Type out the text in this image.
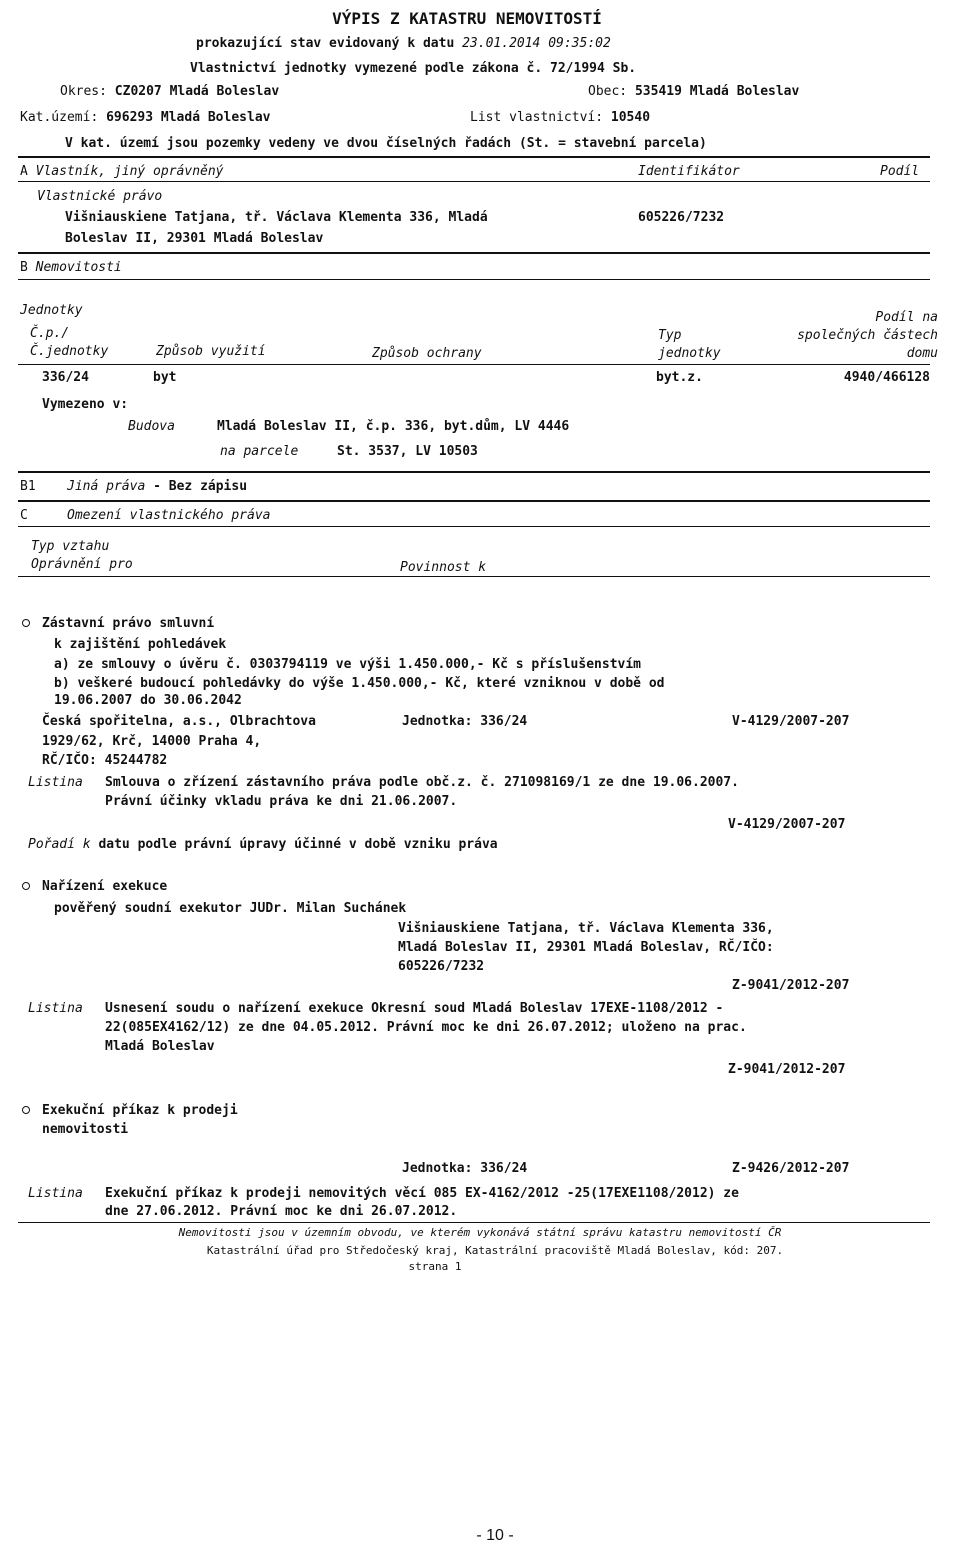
VÝPIS Z KATASTRU NEMOVITOSTÍ
prokazující stav evidovaný k datu 23.01.2014 09:35:02
Vlastnictví jednotky vymezené podle zákona č. 72/1994 Sb.
Okres: CZ0207 Mladá Boleslav	Obec: 535419 Mladá Boleslav
Kat.území: 696293 Mladá Boleslav	List vlastnictví: 10540
V kat. území jsou pozemky vedeny ve dvou číselných řadách (St. = stavební parcela)
A Vlastník, jiný oprávněný	Identifikátor	Podíl
Vlastnické právo
Višniauskiene Tatjana, tř. Václava Klementa 336, Mladá
Boleslav II, 29301 Mladá Boleslav
605226/7232
B Nemovitosti
Jednotky
Č.p./
Č.jednotky	Způsob využití	Způsob ochrany
Typ
jednotky
Podíl na
společných částech
domu
336/24	byt	byt.z.	4940/466128
Vymezeno v:
Budova	Mladá Boleslav II, č.p. 336, byt.dům, LV 4446
na parcele	St. 3537, LV 10503
B1 Jiná práva - Bez zápisu
C	Omezení vlastnického práva
Typ vztahu
Oprávnění pro	Povinnost k
Zástavní právo smluvní
k zajištění pohledávek
a) ze smlouvy o úvěru č. 0303794119 ve výši 1.450.000,- Kč s příslušenstvím
b) veškeré budoucí pohledávky do výše 1.450.000,- Kč, které vzniknou v době od
19.06.2007 do 30.06.2042
Česká spořitelna, a.s., Olbrachtova
1929/62, Krč, 14000 Praha 4,
RČ/IČO: 45244782
Jednotka: 336/24	V-4129/2007-207
Listina Smlouva o zřízení zástavního práva podle obč.z. č. 271098169/1 ze dne 19.06.2007.
Právní účinky vkladu práva ke dni 21.06.2007.
V-4129/2007-207
Pořadí k datu podle právní úpravy účinné v době vzniku práva
Nařízení exekuce
pověřený soudní exekutor JUDr. Milan Suchánek
Višniauskiene Tatjana, tř. Václava Klementa 336,
Mladá Boleslav II, 29301 Mladá Boleslav, RČ/IČO:
605226/7232
Z-9041/2012-207
Listina Usnesení soudu o nařízení exekuce Okresní soud Mladá Boleslav 17EXE-1108/2012 -
22(085EX4162/12) ze dne 04.05.2012. Právní moc ke dni 26.07.2012; uloženo na prac.
Mladá Boleslav
Z-9041/2012-207
Exekuční příkaz k prodeji
nemovitosti
Jednotka: 336/24	Z-9426/2012-207
Listina Exekuční příkaz k prodeji nemovitých věcí 085 EX-4162/2012 -25(17EXE1108/2012) ze
dne 27.06.2012. Právní moc ke dni 26.07.2012.
Nemovitosti jsou v územním obvodu, ve kterém vykonává státní správu katastru nemovitostí ČR
Katastrální úřad pro Středočeský kraj, Katastrální pracoviště Mladá Boleslav, kód: 207.
strana 1
- 10 -
